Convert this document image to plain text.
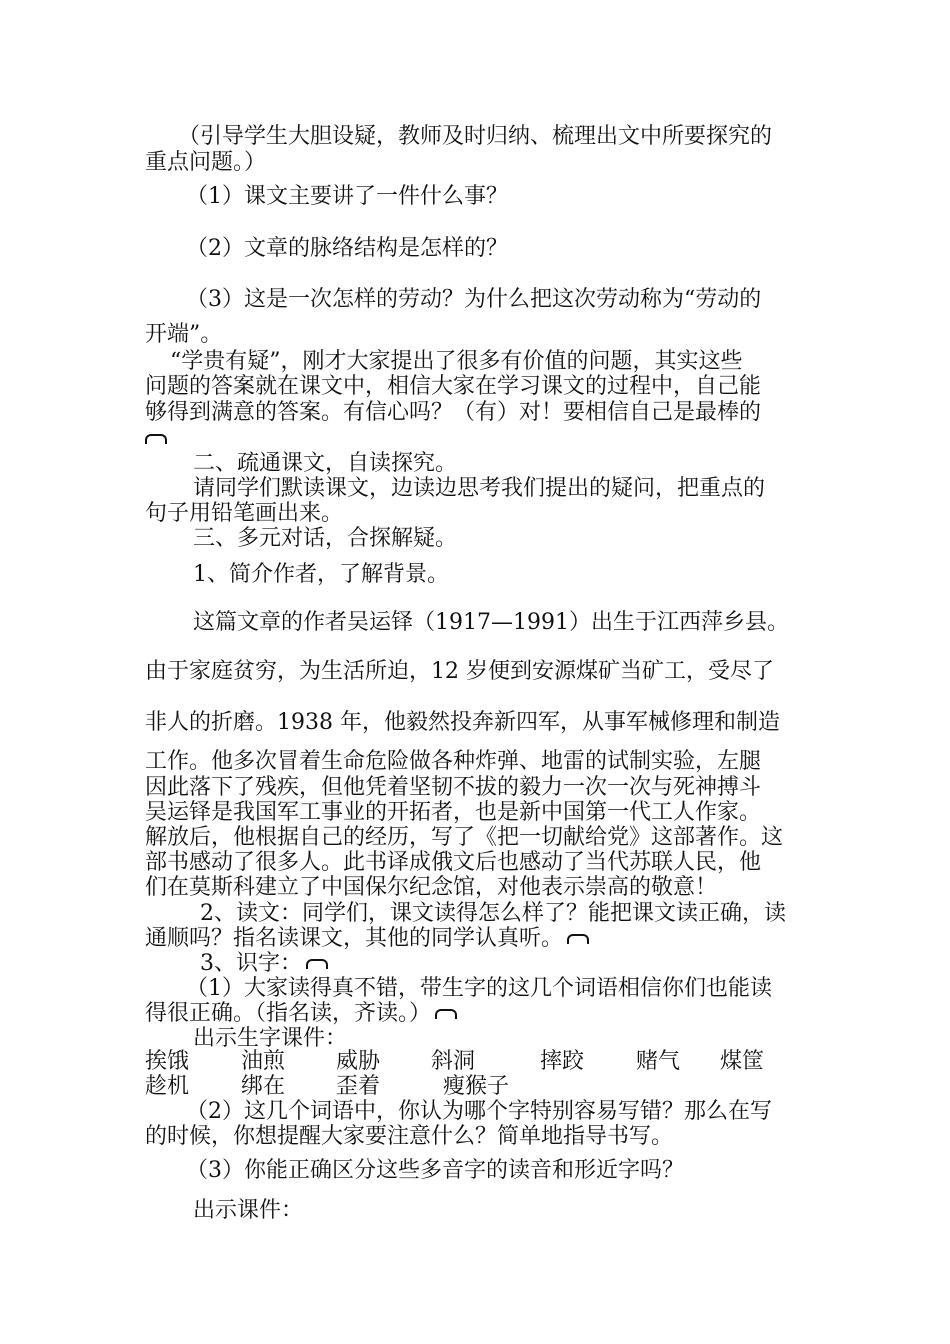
（引导学生大胆设疑，教师及时归纳、梳理出文中所要探究的
重点问题。）
（1）课文主要讲了一件什么事？
（2）文章的脉络结构是怎样的？
（3）这是一次怎样的劳动？为什么把这次劳动称为“劳动的
开端”。
“学贵有疑”，刚才大家提出了很多有价值的问题，其实这些
问题的答案就在课文中，相信大家在学习课文的过程中，自己能
够得到满意的答案。有信心吗？（有）对！要相信自己是最棒的
二、疏通课文，自读探究。
请同学们默读课文，边读边思考我们提出的疑问，把重点的
句子用铅笔画出来。
三、多元对话，合探解疑。
1、简介作者，了解背景。
这篇文章的作者吴运铎（1917—1991）出生于江西萍乡县。
由于家庭贫穷，为生活所迫，12 岁便到安源煤矿当矿工，受尽了
非人的折磨。1938 年，他毅然投奔新四军，从事军械修理和制造
工作。他多次冒着生命危险做各种炸弹、地雷的试制实验，左腿
因此落下了残疾，但他凭着坚韧不拔的毅力一次一次与死神搏斗
吴运铎是我国军工事业的开拓者，也是新中国第一代工人作家。
解放后，他根据自己的经历，写了《把一切献给党》这部著作。这
部书感动了很多人。此书译成俄文后也感动了当代苏联人民，他
们在莫斯科建立了中国保尔纪念馆，对他表示崇高的敬意！
2、读文：同学们，课文读得怎么样了？能把课文读正确，读
通顺吗？指名读课文，其他的同学认真听。
3、识字：
（1）大家读得真不错，带生字的这几个词语相信你们也能读
得很正确。（指名读，齐读。）
出示生字课件：
挨饿 油煎 威胁 斜洞	摔跤 赌气 煤筐
趁机 绑在 歪着	瘦猴子
（2）这几个词语中，你认为哪个字特别容易写错？那么在写
的时候，你想提醒大家要注意什么？简单地指导书写。
（3）你能正确区分这些多音字的读音和形近字吗？
出示课件：
